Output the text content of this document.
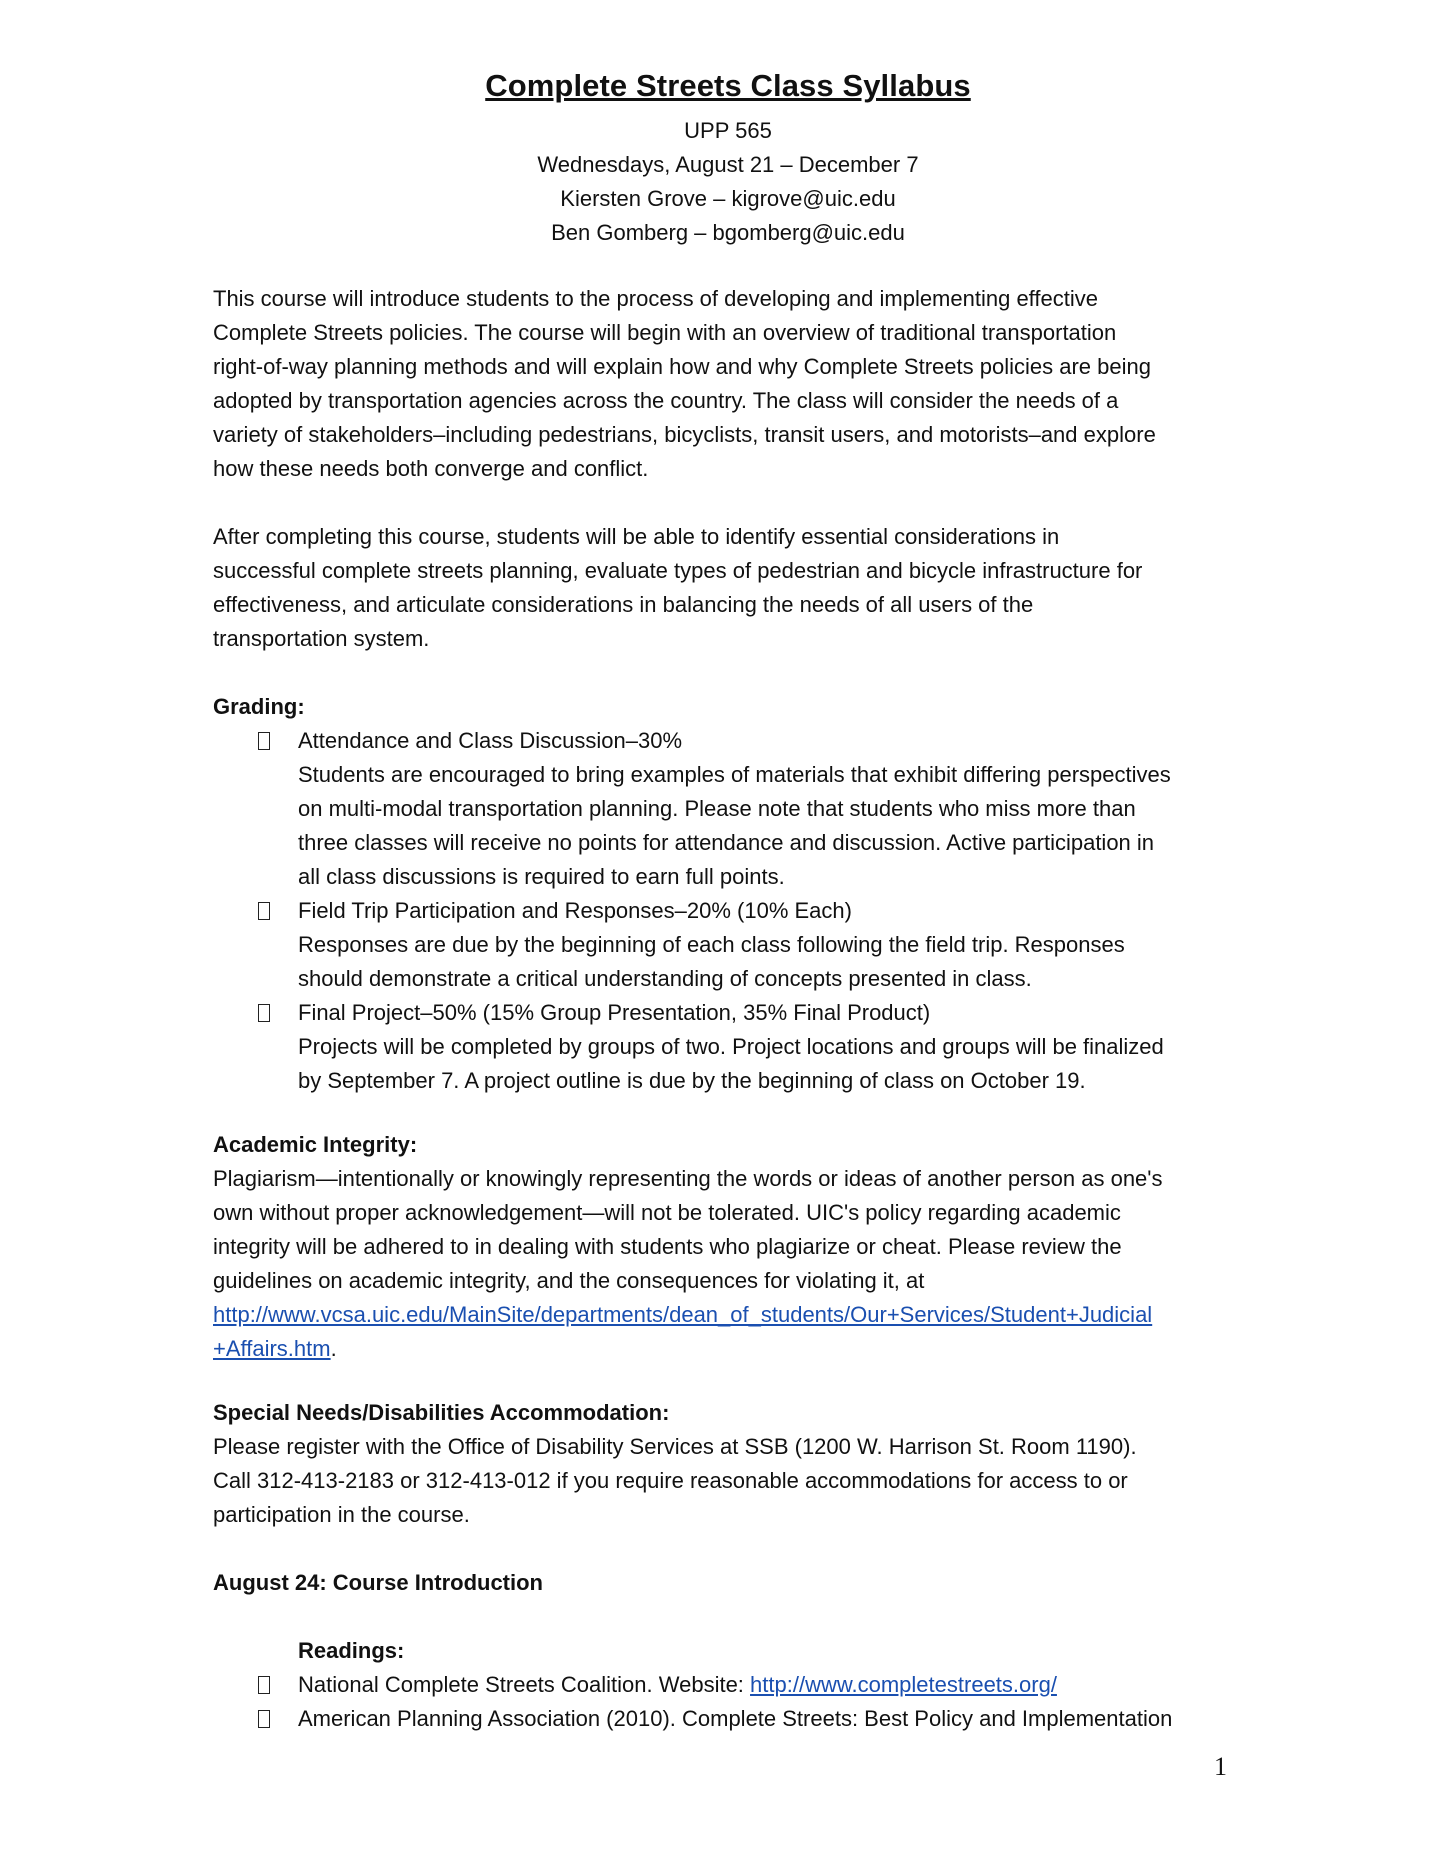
Complete Streets Class Syllabus
UPP 565
Wednesdays, August 21 – December 7
Kiersten Grove – kigrove@uic.edu
Ben Gomberg – bgomberg@uic.edu
This course will introduce students to the process of developing and implementing effective
Complete Streets policies. The course will begin with an overview of traditional transportation
right-of-way planning methods and will explain how and why Complete Streets policies are being
adopted by transportation agencies across the country. The class will consider the needs of a
variety of stakeholders–including pedestrians, bicyclists, transit users, and motorists–and explore
how these needs both converge and conflict.
After completing this course, students will be able to identify essential considerations in
successful complete streets planning, evaluate types of pedestrian and bicycle infrastructure for
effectiveness, and articulate considerations in balancing the needs of all users of the
transportation system.
Grading:
Attendance and Class Discussion–30%
Students are encouraged to bring examples of materials that exhibit differing perspectives
on multi-modal transportation planning. Please note that students who miss more than
three classes will receive no points for attendance and discussion. Active participation in
all class discussions is required to earn full points.
Field Trip Participation and Responses–20% (10% Each)
Responses are due by the beginning of each class following the field trip. Responses
should demonstrate a critical understanding of concepts presented in class.
Final Project–50% (15% Group Presentation, 35% Final Product)
Projects will be completed by groups of two. Project locations and groups will be finalized
by September 7. A project outline is due by the beginning of class on October 19.
Academic Integrity:
Plagiarism—intentionally or knowingly representing the words or ideas of another person as one's
own without proper acknowledgement—will not be tolerated. UIC's policy regarding academic
integrity will be adhered to in dealing with students who plagiarize or cheat. Please review the
guidelines on academic integrity, and the consequences for violating it, at
http://www.vcsa.uic.edu/MainSite/departments/dean_of_students/Our+Services/Student+Judicial
+Affairs.htm.
Special Needs/Disabilities Accommodation:
Please register with the Office of Disability Services at SSB (1200 W. Harrison St. Room 1190).
Call 312-413-2183 or 312-413-012 if you require reasonable accommodations for access to or
participation in the course.
August 24: Course Introduction
Readings:
National Complete Streets Coalition. Website: http://www.completestreets.org/
American Planning Association (2010). Complete Streets: Best Policy and Implementation
1
